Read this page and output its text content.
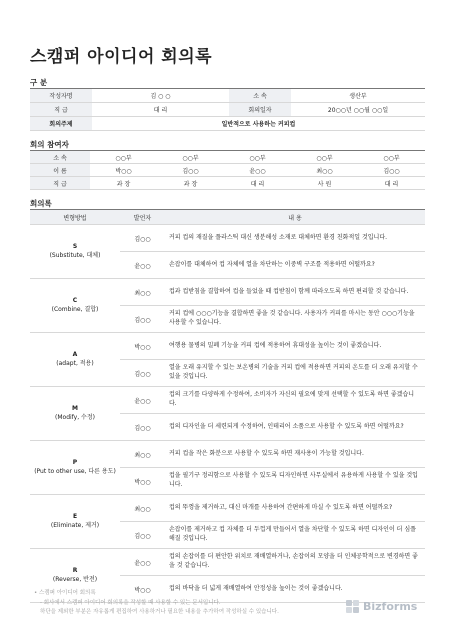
스캠퍼 아이디어 회의록
구 분
작성자명	김 ○ ○	소 속	생산부
직 급	대 리	회의일자	20○○년 ○○월 ○○일
회의주제	일반적으로 사용하는 커피컵		
회의 참여자
소 속	○○부	○○부	○○부	○○부	○○부
이 름	박○○	김○○	윤○○	최○○	김○○
직 급	과 장	과 장	대 리	사 원	대 리
회의록
변형방법	발언자	내 용

S
(Substitute, 대체)	김○○	커피 컵의 재질을 플라스틱 대신 생분해성 소재로 대체하면 환경 친화적일 것입니다.
	윤○○	손잡이를 대체하여 컵 자체에 열을 차단하는 이중벽 구조를 적용하면 어떨까요?

C
(Combine, 결합)	최○○	컵과 컵받침을 결합하여 컵을 들었을 때 컵받침이 함께 따라오도록 하면 편리할 것 같습니다.
	김○○	커피 컵에 ○○○기능을 결합하면 좋을 것 같습니다. 사용자가 커피를 마시는 동안 ○○○기능을 사용할 수 있습니다.

A
(adapt, 적용)	박○○	여행용 물병의 밀폐 기능을 커피 컵에 적용하여 휴대성을 높이는 것이 좋겠습니다.
	김○○	열을 오래 유지할 수 있는 보온병의 기술을 커피 컵에 적용하면 커피의 온도를 더 오래 유지할 수 있을 것입니다.

M
(Modify, 수정)	윤○○	컵의 크기를 다양하게 수정하여, 소비자가 자신의 필요에 맞게 선택할 수 있도록 하면 좋겠습니다.
	김○○	컵의 디자인을 더 세련되게 수정하여, 인테리어 소품으로 사용할 수 있도록 하면 어떨까요?

P
(Put to other use, 다른 용도)	최○○	커피 컵을 작은 화분으로 사용할 수 있도록 하면 재사용이 가능할 것입니다.
	박○○	컵을 필기구 정리함으로 사용할 수 있도록 디자인하면 사무실에서 유용하게 사용할 수 있을 것입니다.

E
(Eliminate, 제거)	최○○	컵의 뚜껑을 제거하고, 대신 마개를 사용하여 간편하게 마실 수 있도록 하면 어떨까요?
	김○○	손잡이를 제거하고 컵 자체를 더 두껍게 만들어서 열을 차단할 수 있도록 하면 디자인이 더 심플해질 것입니다.

R
(Reverse, 반전)	윤○○	컵의 손잡이를 더 편안한 위치로 재배열하거나, 손잡이의 모양을 더 인체공학적으로 변경하면 좋을 것 같습니다.
	박○○	컵의 바닥을 더 넓게 재배열하여 안정성을 높이는 것이 좋겠습니다.
• 스캠퍼 아이디어 회의록
- 회사에서 스캠퍼 아이디어 회의록을 작성할 때 사용할 수 있는 문서입니다.
하단을 제외한 부분은 자유롭게 편집하여 사용하거나 필요한 내용을 추가하여 작성하실 수 있습니다.	Bizforms
